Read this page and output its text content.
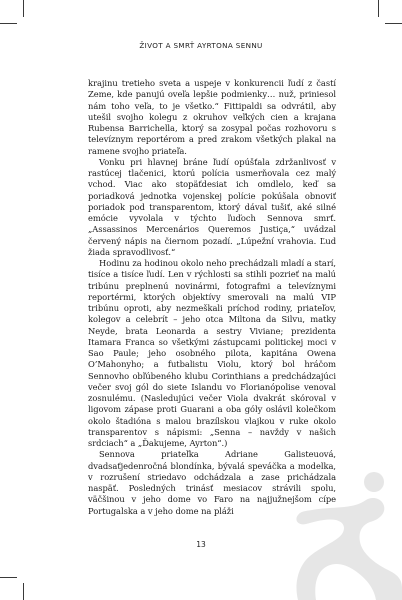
ŽIVOT A SMRŤ AYRTONA SENNU

krajinu tretieho sveta a uspeje v konkurencii ľudí z častí Zeme, kde panujú oveľa lepšie podmienky… nuž, priniesol nám toho veľa, to je všetko.“ Fittipaldi sa odvrátil, aby utešil svojho kolegu z okruhov veľkých cien a krajana Rubensa Barrichella, ktorý sa zosypal počas rozhovoru s televíznym reportérom a pred zrakom všetkých plakal na ramene svojho priateľa.

Vonku pri hlavnej bráne ľudí opúšťala zdržanlivosť v rastúcej tlačenici, ktorú polícia usmerňovala cez malý vchod. Viac ako stopäťdesiat ich omdlelo, keď sa poriadková jednotka vojenskej polície pokúšala obnoviť poriadok pod transparentom, ktorý dával tušiť, aké silné emócie vyvolala v týchto ľuďoch Sennova smrť. „Assassinos Mercenários Queremos Justiça,“ uvádzal červený nápis na čiernom pozadí. „Lúpežní vrahovia. Ľud žiada spravodlivosť.“

Hodinu za hodinou okolo neho prechádzali mladí a starí, tisíce a tisíce ľudí. Len v rýchlosti sa stihli pozrieť na malú tribúnu preplnenú novinármi, fotografmi a televíznymi reportérmi, ktorých objektívy smerovali na malú VIP tribúnu oproti, aby nezmeškali príchod rodiny, priateľov, kolegov a celebrít – jeho otca Miltona da Silvu, matky Neyde, brata Leonarda a sestry Viviane; prezidenta Itamara Franca so všetkými zástupcami politickej moci v Sao Paule; jeho osobného pilota, kapitána Owena O’Mahonyho; a futbalistu Violu, ktorý bol hráčom Sennovho obľúbeného klubu Corinthians a predchádzajúci večer svoj gól do siete Islandu vo Florianópolise venoval zosnulému. (Nasledujúci večer Viola dvakrát skóroval v ligovom zápase proti Guarani a oba góly oslávil kolečkom okolo štadióna s malou brazílskou vlajkou v ruke okolo transparentov s nápismi: „Senna – navždy v našich srdciach“ a „Ďakujeme, Ayrton“.)

Sennova priateľka Adriane Galisteuová, dvadsaťjedenročná blondínka, bývalá speváčka a modelka, v rozrušení striedavo odchádzala a zase prichádzala naspäť. Posledných trinásť mesiacov strávili spolu, väčšinou v jeho dome vo Faro na najjužnejšom cípe Portugalska a v jeho dome na pláži

13
